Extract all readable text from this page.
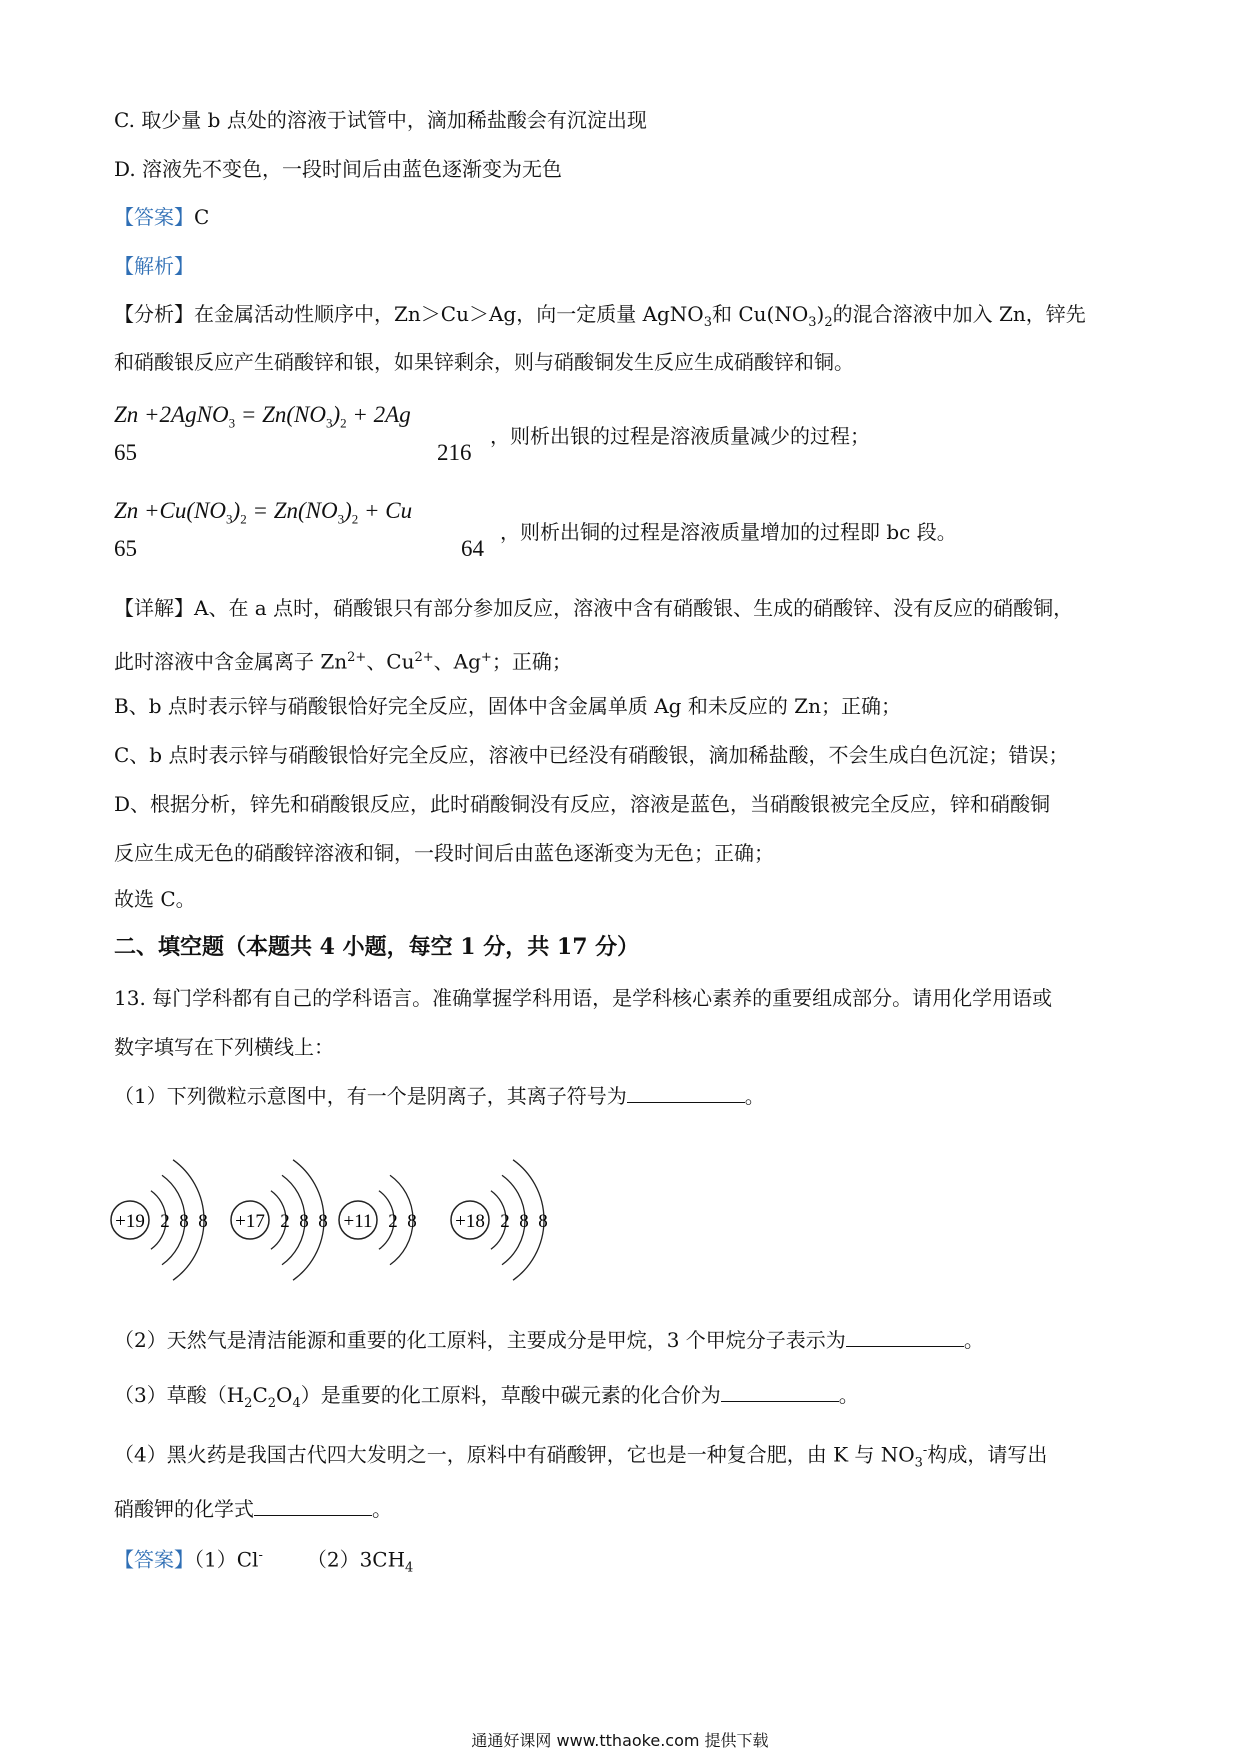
C. 取少量 b 点处的溶液于试管中，滴加稀盐酸会有沉淀出现
D. 溶液先不变色，一段时间后由蓝色逐渐变为无色
【答案】C
【解析】
【分析】在金属活动性顺序中，Zn＞Cu＞Ag，向一定质量 AgNO$_3$和 $Cu(NO_3)_2$的混合溶液中加入 Zn，锌先
和硝酸银反应产生硝酸锌和银，如果锌剩余，则与硝酸铜发生反应生成硝酸锌和铜。
Zn +2AgNO$_3$ = $Zn(NO_3)_2 + 2Ag$
65	216
，则析出银的过程是溶液质量减少的过程；
$Zn +Cu(NO_3)_2 = Zn(NO_3)_2 + Cu$
65	64
，则析出铜的过程是溶液质量增加的过程即 bc 段。
【详解】A、在 a 点时，硝酸银只有部分参加反应，溶液中含有硝酸银、生成的硝酸锌、没有反应的硝酸铜，
此时溶液中含金属离子 $Zn^{2+}$、$Cu^{2+}$、Ag+；正确；
B、b 点时表示锌与硝酸银恰好完全反应，固体中含金属单质 Ag 和未反应的 Zn；正确；
C、b 点时表示锌与硝酸银恰好完全反应，溶液中已经没有硝酸银，滴加稀盐酸，不会生成白色沉淀；错误；
D、根据分析，锌先和硝酸银反应，此时硝酸铜没有反应，溶液是蓝色，当硝酸银被完全反应，锌和硝酸铜
反应生成无色的硝酸锌溶液和铜，一段时间后由蓝色逐渐变为无色；正确；
故选 C。
二、填空题（本题共 4 小题，每空 1 分，共 17 分）
13. 每门学科都有自己的学科语言。准确掌握学科用语，是学科核心素养的重要组成部分。请用化学用语或
数字填写在下列横线上：
（1）下列微粒示意图中，有一个是阴离子，其离子符号为	。
+19 2 8 8 +17 2 8 8 +11 2 8 +18 2 8 8
（2）天然气是清洁能源和重要的化工原料，主要成分是甲烷，3 个甲烷分子表示为	。
（3）草酸$(H_2C_2O_4)$是重要的化工原料，草酸中碳元素的化合价为	。
（4）黑火药是我国古代四大发明之一，原料中有硝酸钾，它也是一种复合肥，由 K 与 $NO_3^-$构成，请写出
硝酸钾的化学式	。
【答案】（1）Cl- $(2)3CH_4$
通通好课网 www.tthaoke.com 提供下载
